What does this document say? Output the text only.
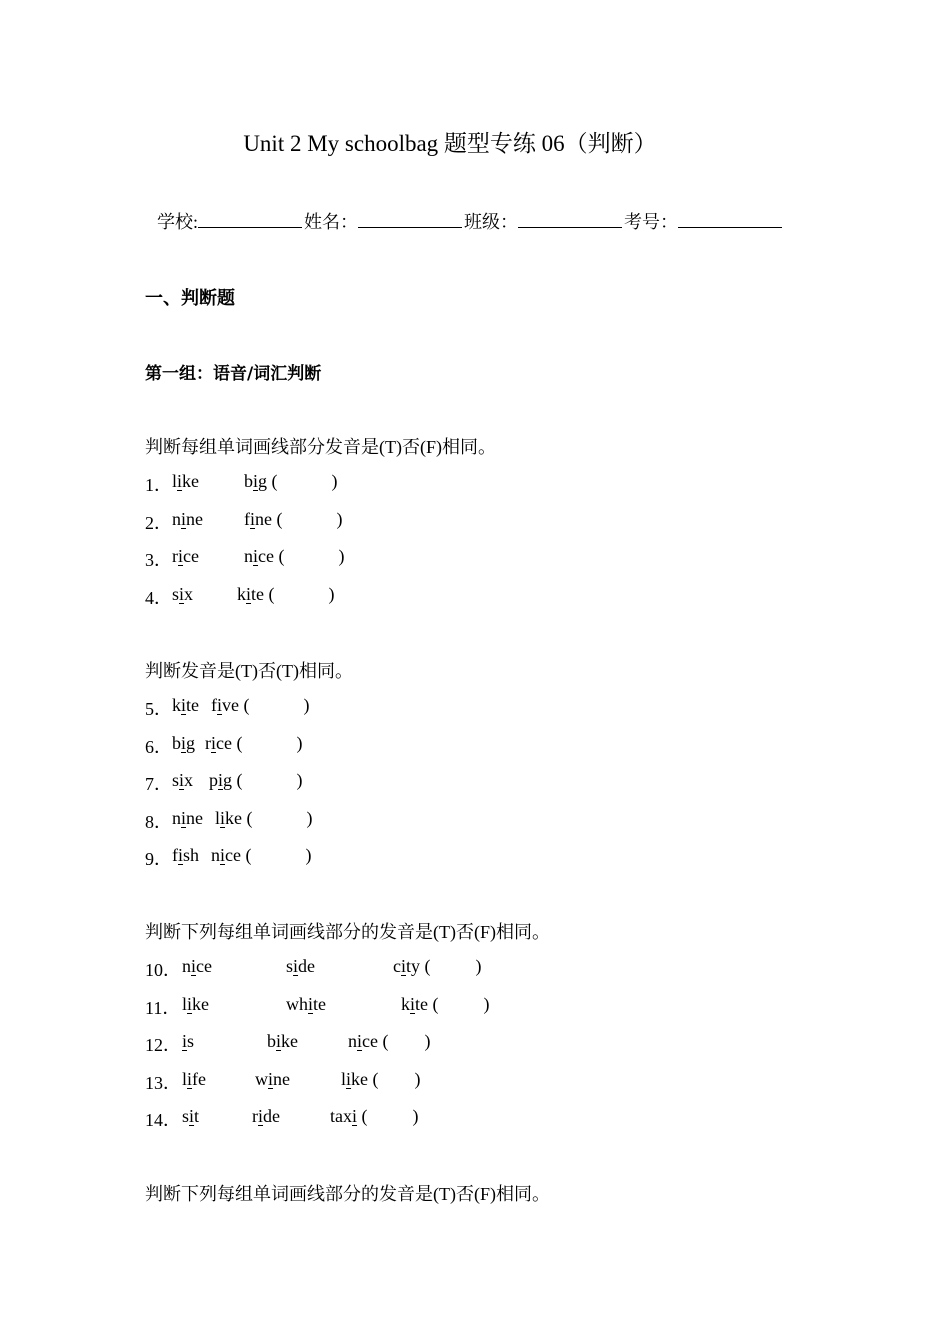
Unit 2 My schoolbag 题型专练 06（判断）
学校:	姓名：	班级：	考号：
一、判断题
第一组：语音/词汇判断
判断每组单词画线部分发音是(T)否(F)相同。
1． like big (            )
2． nine fine (            )
3． rice	nice (            )
4． six kite (            )
判断发音是(T)否(T)相同。
5． kite five (            )
6． big rice (            )
7． six pig (            )
8． nine like (            )
9． fish nice (            )
判断下列每组单词画线部分的发音是(T)否(F)相同。
10． nice	side	city (          )
11． like	white	kite (          )
12． is	bike	nice (        )
13． life	wine	like (        )
14． sit	ride	taxi (          )
判断下列每组单词画线部分的发音是(T)否(F)相同。
